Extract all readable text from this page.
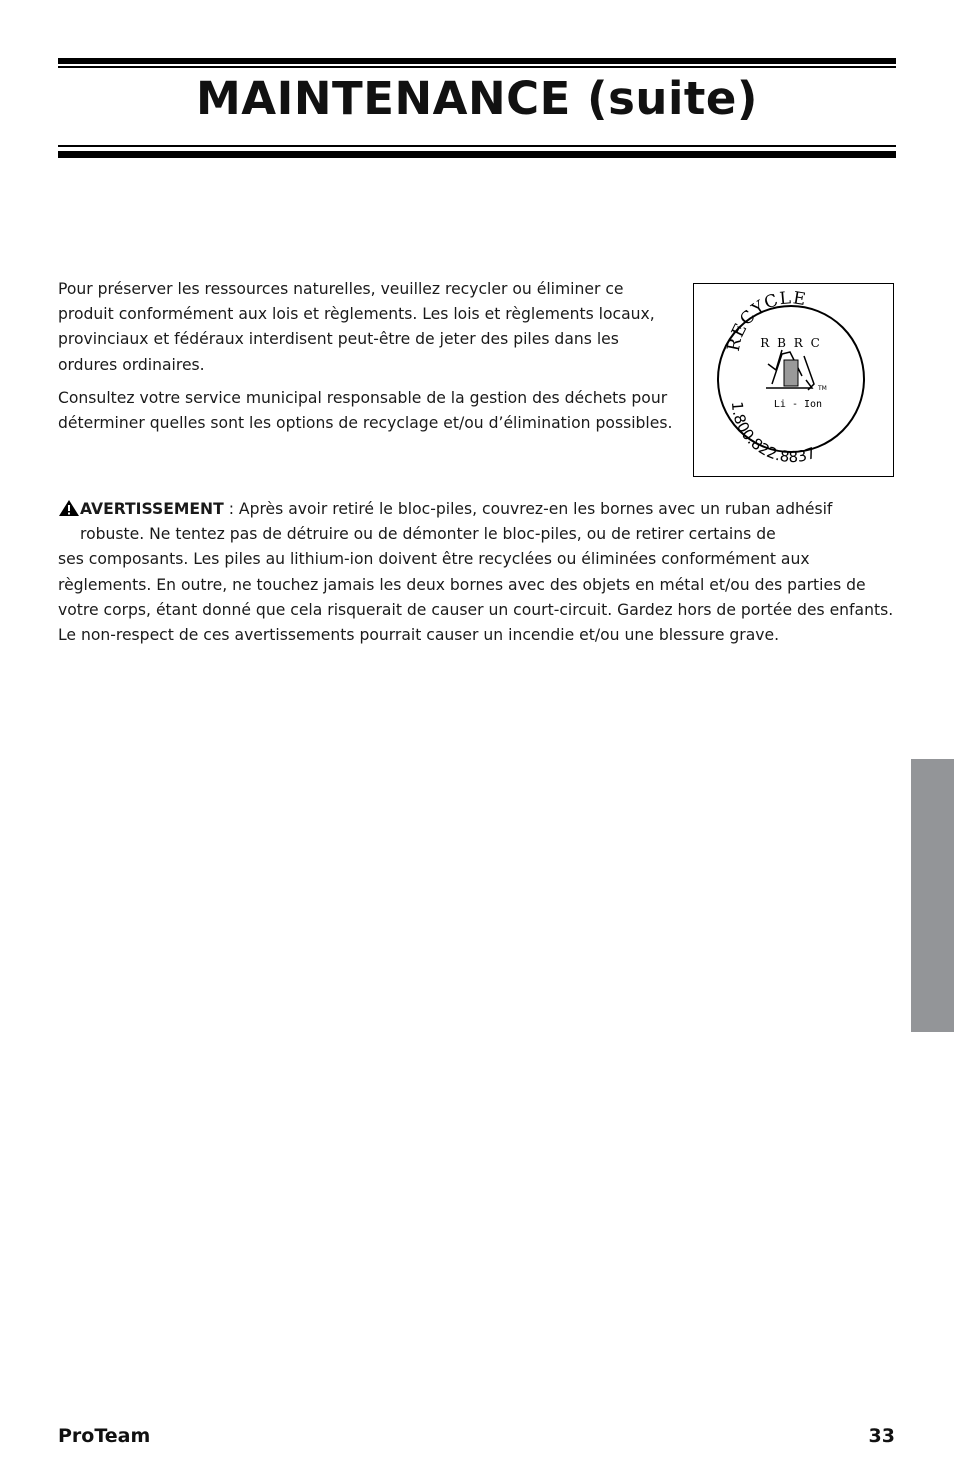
MAINTENANCE (suite)

Pour préserver les ressources naturelles, veuillez recycler ou éliminer ce produit conformément aux lois et règlements. Les lois et règlements locaux, provinciaux et fédéraux interdisent peut-être de jeter des piles dans les ordures ordinaires.

Consultez votre service municipal responsable de la gestion des déchets pour déterminer quelles sont les options de recyclage et/ou d’élimination possibles.

RECYCLE
R B R C
TM
Li - Ion
1.800.822.8837
AVERTISSEMENT : Après avoir retiré le bloc-piles, couvrez-en les bornes avec un ruban adhésif
robuste. Ne tentez pas de détruire ou de démonter le bloc-piles, ou de retirer certains de
ses composants. Les piles au lithium-ion doivent être recyclées ou éliminées conformément aux règlements. En outre, ne touchez jamais les deux bornes avec des objets en métal et/ou des parties de votre corps, étant donné que cela risquerait de causer un court-circuit. Gardez hors de portée des enfants. Le non-respect de ces avertissements pourrait causer un incendie et/ou une blessure grave.
ProTeam	33
